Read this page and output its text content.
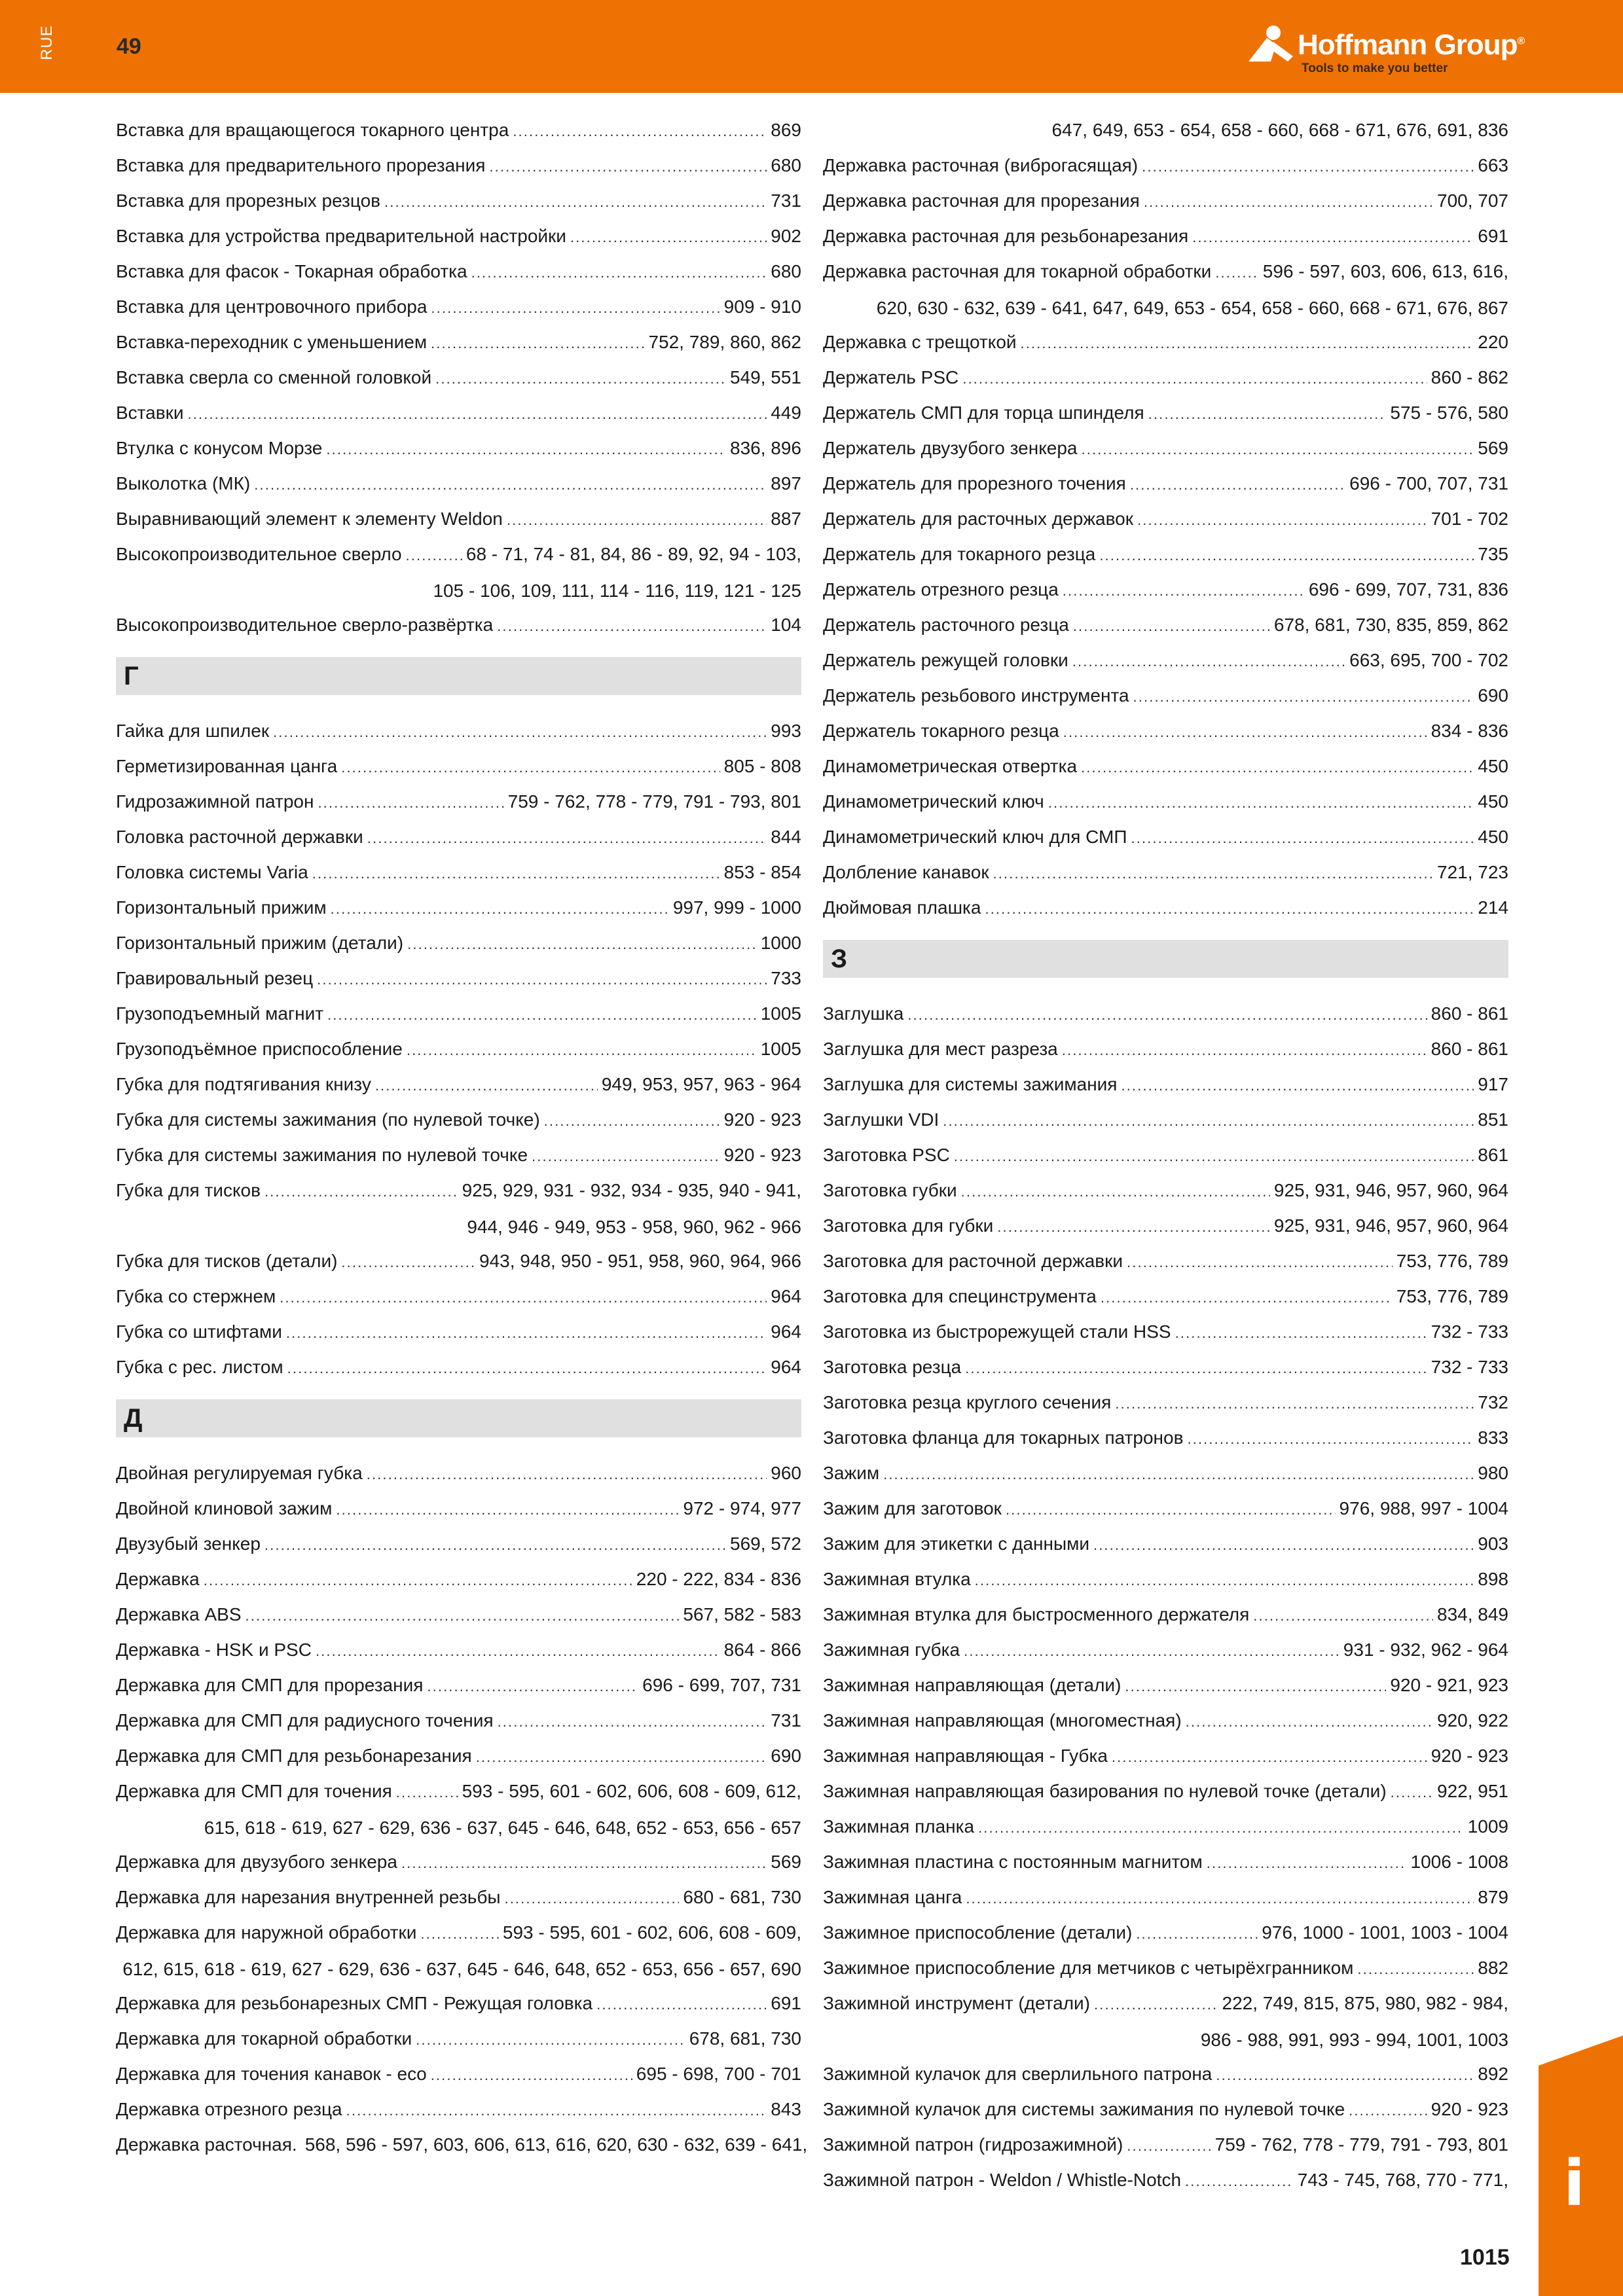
RUE	49	Hoffmann Group®
Tools to make you better
Вставка для вращающегося токарного центра . . .	869
Вставка для предварительного прорезания . . .	680
Вставка для прорезных резцов . . .	731
Вставка для устройства предварительной настройки . . .	902
Вставка для фасок - Токарная обработка . . .	680
Вставка для центровочного прибора . . .	909 - 910
Вставка-переходник с уменьшением . . .	752, 789, 860, 862
Вставка сверла со сменной головкой . . .	549, 551
Вставки . . .	449
Втулка с конусом Морзе . . .	836, 896
Выколотка (МК) . . .	897
Выравнивающий элемент к элементу Weldon . . .	887
Высокопроизводительное сверло . . .	68 - 71, 74 - 81, 84, 86 - 89, 92, 94 - 103,
105 - 106, 109, 111, 114 - 116, 119, 121 - 125
Высокопроизводительное сверло-развёртка . . .	104
Г
Гайка для шпилек . . .	993
Герметизированная цанга . . .	805 - 808
Гидрозажимной патрон . . .	759 - 762, 778 - 779, 791 - 793, 801
Головка расточной державки . . .	844
Головка системы Varia . . .	853 - 854
Горизонтальный прижим . . .	997, 999 - 1000
Горизонтальный прижим (детали) . . .	1000
Гравировальный резец . . .	733
Грузоподъемный магнит . . .	1005
Грузоподъёмное приспособление . . .	1005
Губка для подтягивания книзу . . .	949, 953, 957, 963 - 964
Губка для системы зажимания (по нулевой точке) . . .	920 - 923
Губка для системы зажимания по нулевой точке . . .	920 - 923
Губка для тисков . . .	925, 929, 931 - 932, 934 - 935, 940 - 941,
944, 946 - 949, 953 - 958, 960, 962 - 966
Губка для тисков (детали) . . .	943, 948, 950 - 951, 958, 960, 964, 966
Губка со стержнем . . .	964
Губка со штифтами . . .	964
Губка с рес. листом . . .	964
Д
Двойная регулируемая губка . . .	960
Двойной клиновой зажим . . .	972 - 974, 977
Двузубый зенкер . . .	569, 572
Державка . . .	220 - 222, 834 - 836
Державка ABS . . .	567, 582 - 583
Державка - HSK и PSC . . .	864 - 866
Державка для СМП для прорезания . . .	696 - 699, 707, 731
Державка для СМП для радиусного точения . . .	731
Державка для СМП для резьбонарезания . . .	690
Державка для СМП для точения . . .	593 - 595, 601 - 602, 606, 608 - 609, 612,
615, 618 - 619, 627 - 629, 636 - 637, 645 - 646, 648, 652 - 653, 656 - 657
Державка для двузубого зенкера . . .	569
Державка для нарезания внутренней резьбы . . .	680 - 681, 730
Державка для наружной обработки . . .	593 - 595, 601 - 602, 606, 608 - 609,
612, 615, 618 - 619, 627 - 629, 636 - 637, 645 - 646, 648, 652 - 653, 656 - 657, 690
Державка для резьбонарезных СМП - Режущая головка . . .	691
Державка для токарной обработки . . .	678, 681, 730
Державка для точения канавок - eco . . .	695 - 698, 700 - 701
Державка отрезного резца . . .	843
Державка расточная. 568, 596 - 597, 603, 606, 613, 616, 620, 630 - 632, 639 - 641,
647, 649, 653 - 654, 658 - 660, 668 - 671, 676, 691, 836
Державка расточная (виброгасящая) . . .	663
Державка расточная для прорезания . . .	700, 707
Державка расточная для резьбонарезания . . .	691
Державка расточная для токарной обработки . . .	596 - 597, 603, 606, 613, 616,
620, 630 - 632, 639 - 641, 647, 649, 653 - 654, 658 - 660, 668 - 671, 676, 867
Державка с трещоткой . . .	220
Держатель PSC . . .	860 - 862
Держатель СМП для торца шпинделя . . .	575 - 576, 580
Держатель двузубого зенкера . . .	569
Держатель для прорезного точения . . .	696 - 700, 707, 731
Держатель для расточных державок . . .	701 - 702
Держатель для токарного резца . . .	735
Держатель отрезного резца . . .	696 - 699, 707, 731, 836
Держатель расточного резца . . .	678, 681, 730, 835, 859, 862
Держатель режущей головки . . .	663, 695, 700 - 702
Держатель резьбового инструмента . . .	690
Держатель токарного резца . . .	834 - 836
Динамометрическая отвертка . . .	450
Динамометрический ключ . . .	450
Динамометрический ключ для СМП . . .	450
Долбление канавок . . .	721, 723
Дюймовая плашка . . .	214
З
Заглушка . . .	860 - 861
Заглушка для мест разреза . . .	860 - 861
Заглушка для системы зажимания . . .	917
Заглушки VDI . . .	851
Заготовка PSC . . .	861
Заготовка губки . . .	925, 931, 946, 957, 960, 964
Заготовка для губки . . .	925, 931, 946, 957, 960, 964
Заготовка для расточной державки . . .	753, 776, 789
Заготовка для специнструмента . . .	753, 776, 789
Заготовка из быстрорежущей стали HSS . . .	732 - 733
Заготовка резца . . .	732 - 733
Заготовка резца круглого сечения . . .	732
Заготовка фланца для токарных патронов . . .	833
Зажим . . .	980
Зажим для заготовок . . .	976, 988, 997 - 1004
Зажим для этикетки с данными . . .	903
Зажимная втулка . . .	898
Зажимная втулка для быстросменного держателя . . .	834, 849
Зажимная губка . . .	931 - 932, 962 - 964
Зажимная направляющая (детали) . . .	920 - 921, 923
Зажимная направляющая (многоместная) . . .	920, 922
Зажимная направляющая - Губка . . .	920 - 923
Зажимная направляющая базирования по нулевой точке (детали) . . .	922, 951
Зажимная планка . . .	1009
Зажимная пластина с постоянным магнитом . . .	1006 - 1008
Зажимная цанга . . .	879
Зажимное приспособление (детали) . . .	976, 1000 - 1001, 1003 - 1004
Зажимное приспособление для метчиков с четырёхгранником . . .	882
Зажимной инструмент (детали) . . .	222, 749, 815, 875, 980, 982 - 984,
986 - 988, 991, 993 - 994, 1001, 1003
Зажимной кулачок для сверлильного патрона . . .	892
Зажимной кулачок для системы зажимания по нулевой точке . . .	920 - 923
Зажимной патрон (гидрозажимной) . . .	759 - 762, 778 - 779, 791 - 793, 801
Зажимной патрон - Weldon / Whistle-Notch . . .	743 - 745, 768, 770 - 771, i
1015
